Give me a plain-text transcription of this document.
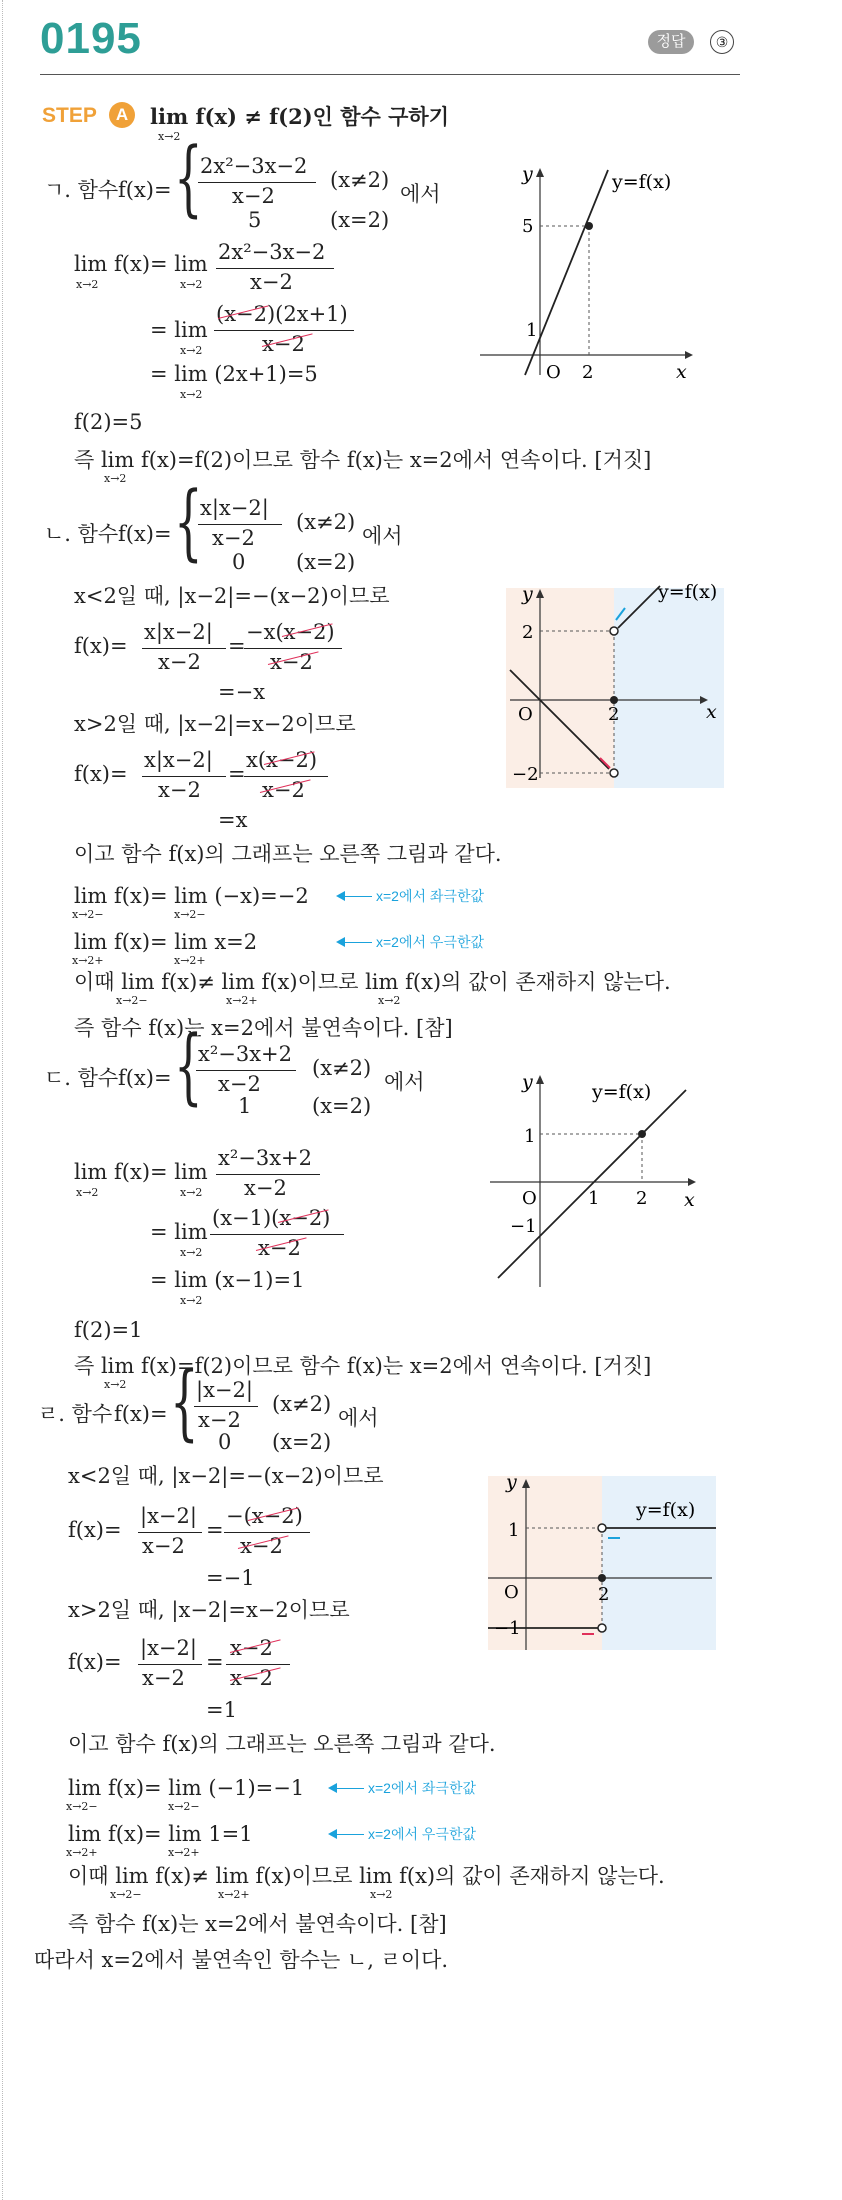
0195	정답	③
STEP	A	lim f(x) ≠ f(2)인 함수 구하기
x→2
ㄱ. 함수 f(x)= {
2x²−3x−2
x−2
(x≠2)
5	(x=2)
에서
lim f(x)= lim
x→2	x→2
2x²−3x−2
x−2
= lim
x→2
(x−2)(2x+1)
x−2
= lim (2x+1)=5
x→2
f(2)=5
즉 lim f(x)=f(2)이므로 함수 f(x)는 x=2에서 연속이다. [거짓]
x→2
y
x
y=f(x)
5
1
O 2
ㄴ. 함수 f(x)= {
x|x−2|
x−2
(x≠2)
0 (x=2)
에서
x<2일 때, |x−2|=−(x−2)이므로
f(x)=
x|x−2|
x−2
=
−x(x−2)
x−2
=−x
x>2일 때, |x−2|=x−2이므로
f(x)=
x|x−2|
x−2
=
x(x−2)
x−2
=x
이고 함수 f(x)의 그래프는 오른쪽 그림과 같다.
lim f(x)= lim (−x)=−2
x→2−	x→2−
x=2에서 좌극한값
lim f(x)= lim x=2
x→2+	x→2+
x=2에서 우극한값
이때 lim f(x)≠ lim f(x)이므로 lim f(x)의 값이 존재하지 않는다.
x→2−	x→2+	x→2
즉 함수 f(x)는 x=2에서 불연속이다. [참]
y
x
y=f(x)
2
−2
O	2
ㄷ. 함수 f(x)= {
x²−3x+2
x−2
(x≠2)
1	(x=2)
에서
lim f(x)= lim
x→2	x→2
x²−3x+2
x−2
= lim
x→2
(x−1)(x−2)
x−2
= lim (x−1)=1
x→2
f(2)=1
즉 lim f(x)=f(2)이므로 함수 f(x)는 x=2에서 연속이다. [거짓]
x→2
y
x
y=f(x)
1
−1
O	1 2
ㄹ. 함수 f(x)= {
|x−2|
x−2
(x≠2)
0 (x=2)
에서
x<2일 때, |x−2|=−(x−2)이므로
f(x)=
|x−2|
x−2
=
−(x−2)
x−2
=−1
x>2일 때, |x−2|=x−2이므로
f(x)=
|x−2|
x−2
=
x−2
x−2
=1
이고 함수 f(x)의 그래프는 오른쪽 그림과 같다.
lim f(x)= lim (−1)=−1
x→2−	x→2−
x=2에서 좌극한값
lim f(x)= lim 1=1
x→2+	x→2+
x=2에서 우극한값
이때 lim f(x)≠ lim f(x)이므로 lim f(x)의 값이 존재하지 않는다.
x→2−	x→2+	x→2
즉 함수 f(x)는 x=2에서 불연속이다. [참]
y
y=f(x)
1
−1
O	2
따라서 x=2에서 불연속인 함수는 ㄴ, ㄹ이다.
